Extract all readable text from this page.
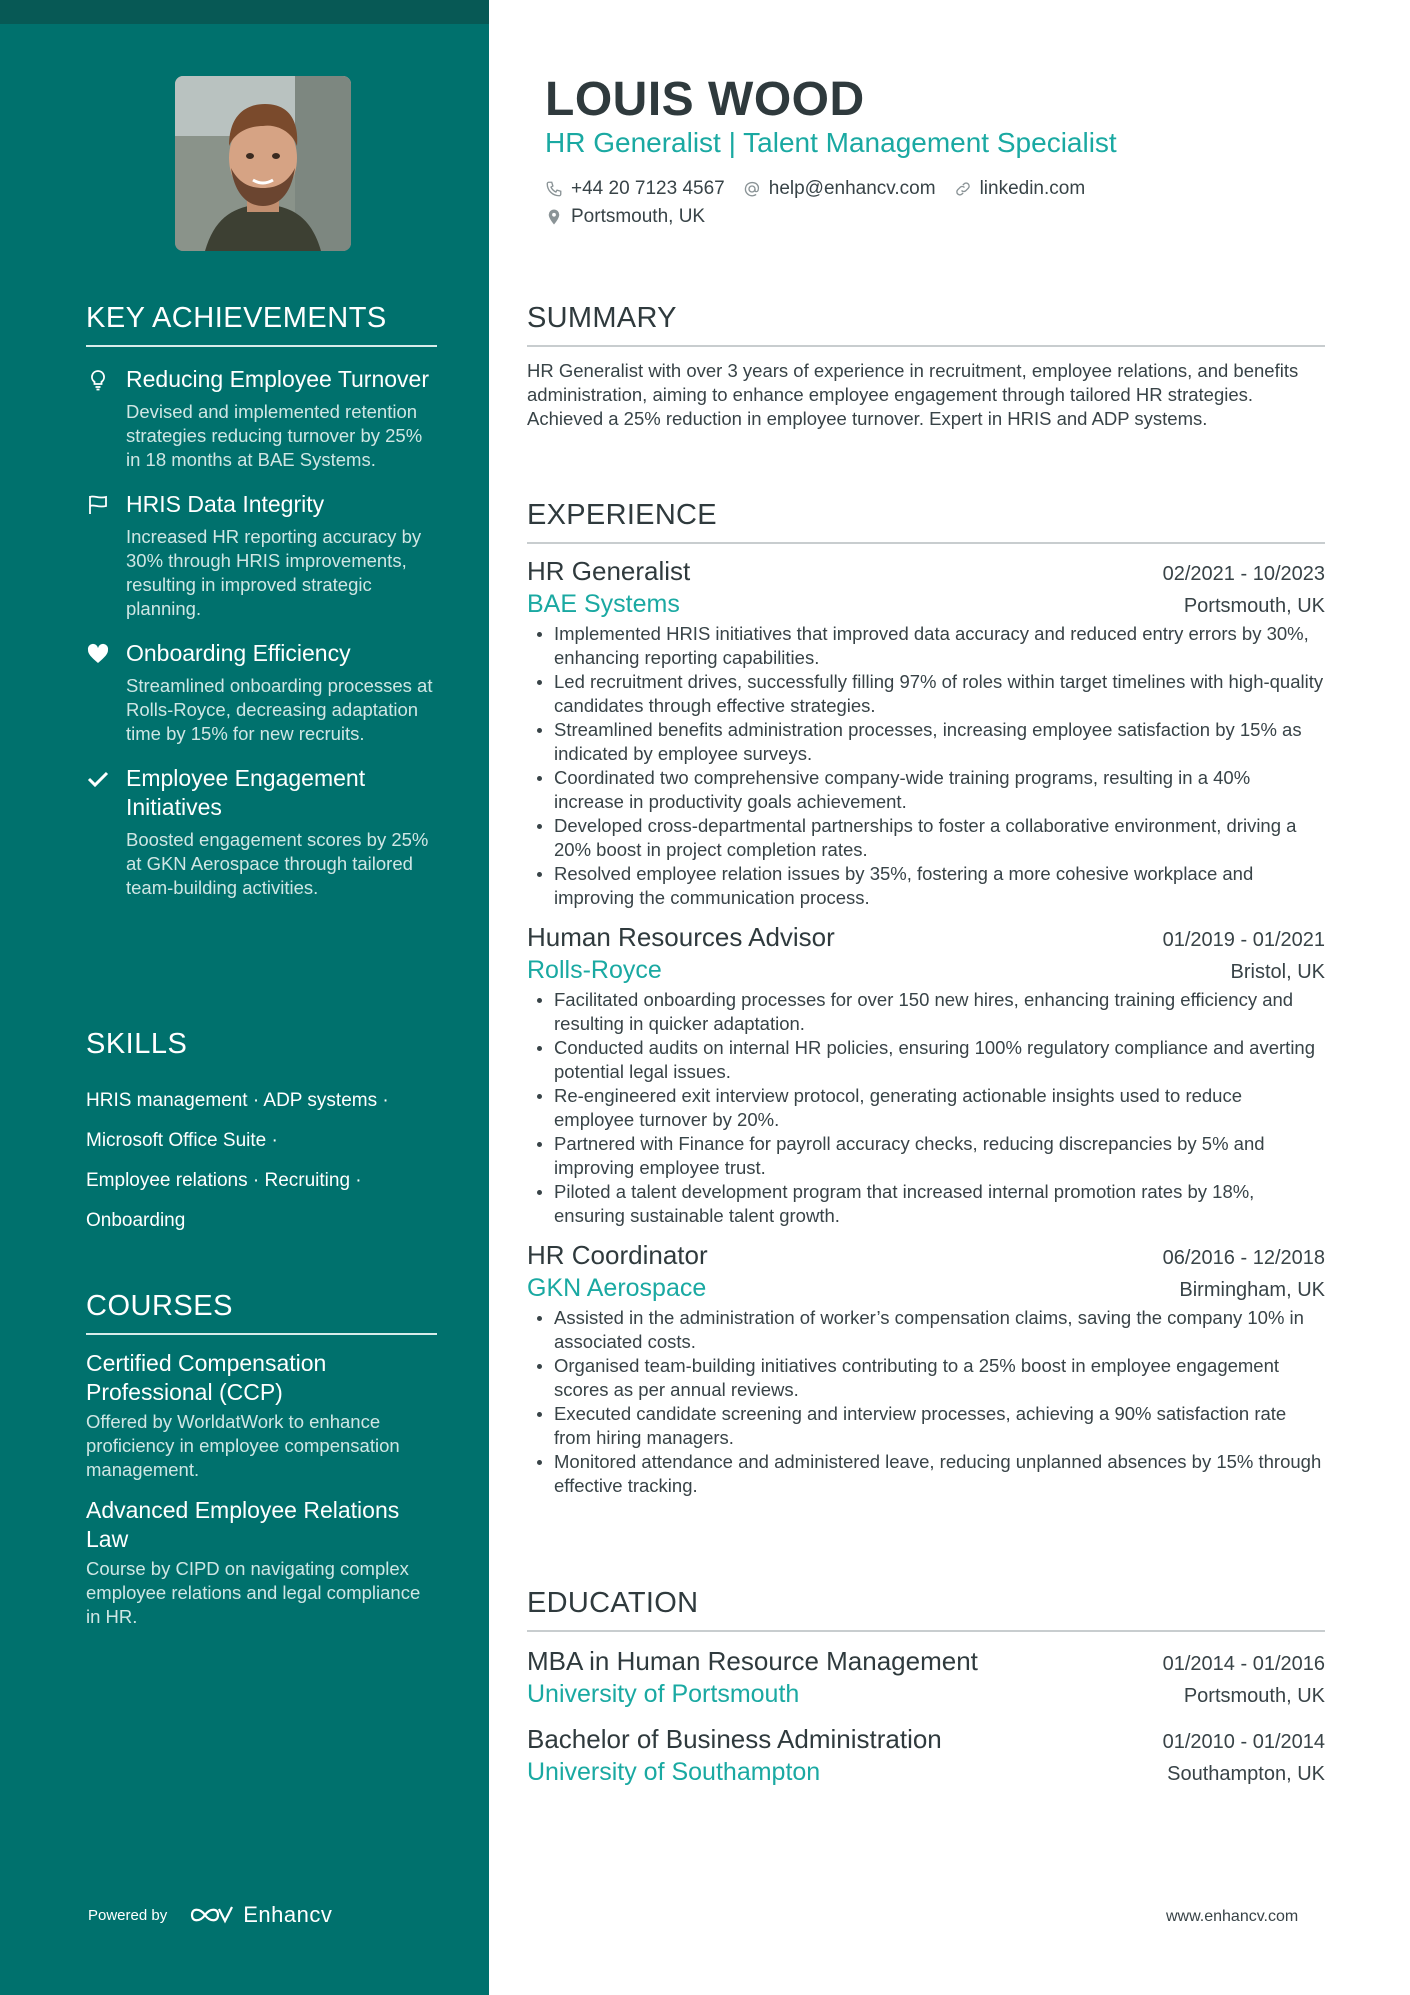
KEY ACHIEVEMENTS
Reducing Employee Turnover
Devised and implemented retention strategies reducing turnover by 25% in 18 months at BAE Systems.
HRIS Data Integrity
Increased HR reporting accuracy by 30% through HRIS improvements, resulting in improved strategic planning.
Onboarding Efficiency
Streamlined onboarding processes at Rolls-Royce, decreasing adaptation time by 15% for new recruits.
Employee Engagement Initiatives
Boosted engagement scores by 25% at GKN Aerospace through tailored team-building activities.
SKILLS
HRIS management · ADP systems ·
Microsoft Office Suite ·
Employee relations · Recruiting ·
Onboarding
COURSES
Certified Compensation Professional (CCP)
Offered by WorldatWork to enhance proficiency in employee compensation management.
Advanced Employee Relations Law
Course by CIPD on navigating complex employee relations and legal compliance in HR.
Powered by	Enhancv
LOUIS WOOD
HR Generalist | Talent Management Specialist
+44 20 7123 4567 help@enhancv.com linkedin.com
Portsmouth, UK
SUMMARY
HR Generalist with over 3 years of experience in recruitment, employee relations, and benefits administration, aiming to enhance employee engagement through tailored HR strategies. Achieved a 25% reduction in employee turnover. Expert in HRIS and ADP systems.
EXPERIENCE
HR Generalist	02/2021 - 10/2023
BAE Systems	Portsmouth, UK
Implemented HRIS initiatives that improved data accuracy and reduced entry errors by 30%, enhancing reporting capabilities.
Led recruitment drives, successfully filling 97% of roles within target timelines with high-quality candidates through effective strategies.
Streamlined benefits administration processes, increasing employee satisfaction by 15% as indicated by employee surveys.
Coordinated two comprehensive company-wide training programs, resulting in a 40% increase in productivity goals achievement.
Developed cross-departmental partnerships to foster a collaborative environment, driving a 20% boost in project completion rates.
Resolved employee relation issues by 35%, fostering a more cohesive workplace and improving the communication process.
Human Resources Advisor	01/2019 - 01/2021
Rolls-Royce	Bristol, UK
Facilitated onboarding processes for over 150 new hires, enhancing training efficiency and resulting in quicker adaptation.
Conducted audits on internal HR policies, ensuring 100% regulatory compliance and averting potential legal issues.
Re-engineered exit interview protocol, generating actionable insights used to reduce employee turnover by 20%.
Partnered with Finance for payroll accuracy checks, reducing discrepancies by 5% and improving employee trust.
Piloted a talent development program that increased internal promotion rates by 18%, ensuring sustainable talent growth.
HR Coordinator	06/2016 - 12/2018
GKN Aerospace	Birmingham, UK
Assisted in the administration of worker’s compensation claims, saving the company 10% in associated costs.
Organised team-building initiatives contributing to a 25% boost in employee engagement scores as per annual reviews.
Executed candidate screening and interview processes, achieving a 90% satisfaction rate from hiring managers.
Monitored attendance and administered leave, reducing unplanned absences by 15% through effective tracking.
EDUCATION
MBA in Human Resource Management	01/2014 - 01/2016
University of Portsmouth	Portsmouth, UK
Bachelor of Business Administration	01/2010 - 01/2014
University of Southampton	Southampton, UK
www.enhancv.com
